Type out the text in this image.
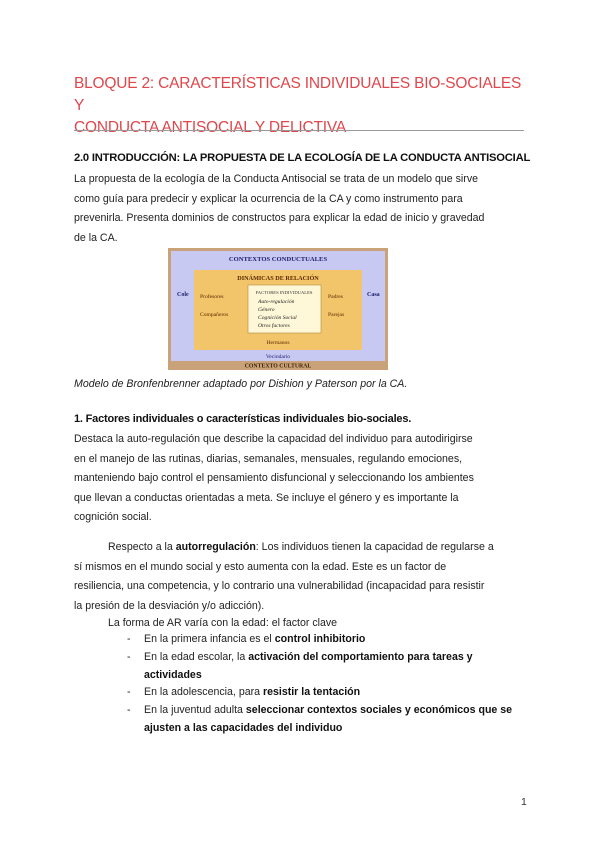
BLOQUE 2: CARACTERÍSTICAS INDIVIDUALES BIO-SOCIALES Y
CONDUCTA ANTISOCIAL Y DELICTIVA
2.0 INTRODUCCIÓN: LA PROPUESTA DE LA ECOLOGÍA DE LA CONDUCTA ANTISOCIAL
La propuesta de la ecología de la Conducta Antisocial se trata de un modelo que sirve
como guía para predecir y explicar la ocurrencia de la CA y como instrumento para
prevenirla. Presenta dominios de constructos para explicar la edad de inicio y gravedad
de la CA.
CONTEXTOS CONDUCTUALES
Cole	Casa
DINÁMICAS DE RELACIÓN
Profesores
Compañeros
Padres
Parejas
FACTORES INDIVIDUALES
Auto-regulación
Género
Cognición Social
Otros factores
Hermanos
Vecindario
CONTEXTO CULTURAL
Modelo de Bronfenbrenner adaptado por Dishion y Paterson por la CA.
1. Factores individuales o características individuales bio-sociales.
Destaca la auto-regulación que describe la capacidad del individuo para autodirigirse
en el manejo de las rutinas, diarias, semanales, mensuales, regulando emociones,
manteniendo bajo control el pensamiento disfuncional y seleccionando los ambientes
que llevan a conductas orientadas a meta. Se incluye el género y es importante la
cognición social.
Respecto a la autorregulación: Los individuos tienen la capacidad de regularse a
sí mismos en el mundo social y esto aumenta con la edad. Este es un factor de
resiliencia, una competencia, y lo contrario una vulnerabilidad (incapacidad para resistir
la presión de la desviación y/o adicción).
La forma de AR varía con la edad: el factor clave
- En la primera infancia es el control inhibitorio
- En la edad escolar, la activación del comportamiento para tareas y
actividades
- En la adolescencia, para resistir la tentación
- En la juventud adulta seleccionar contextos sociales y económicos que se
ajusten a las capacidades del individuo
1
